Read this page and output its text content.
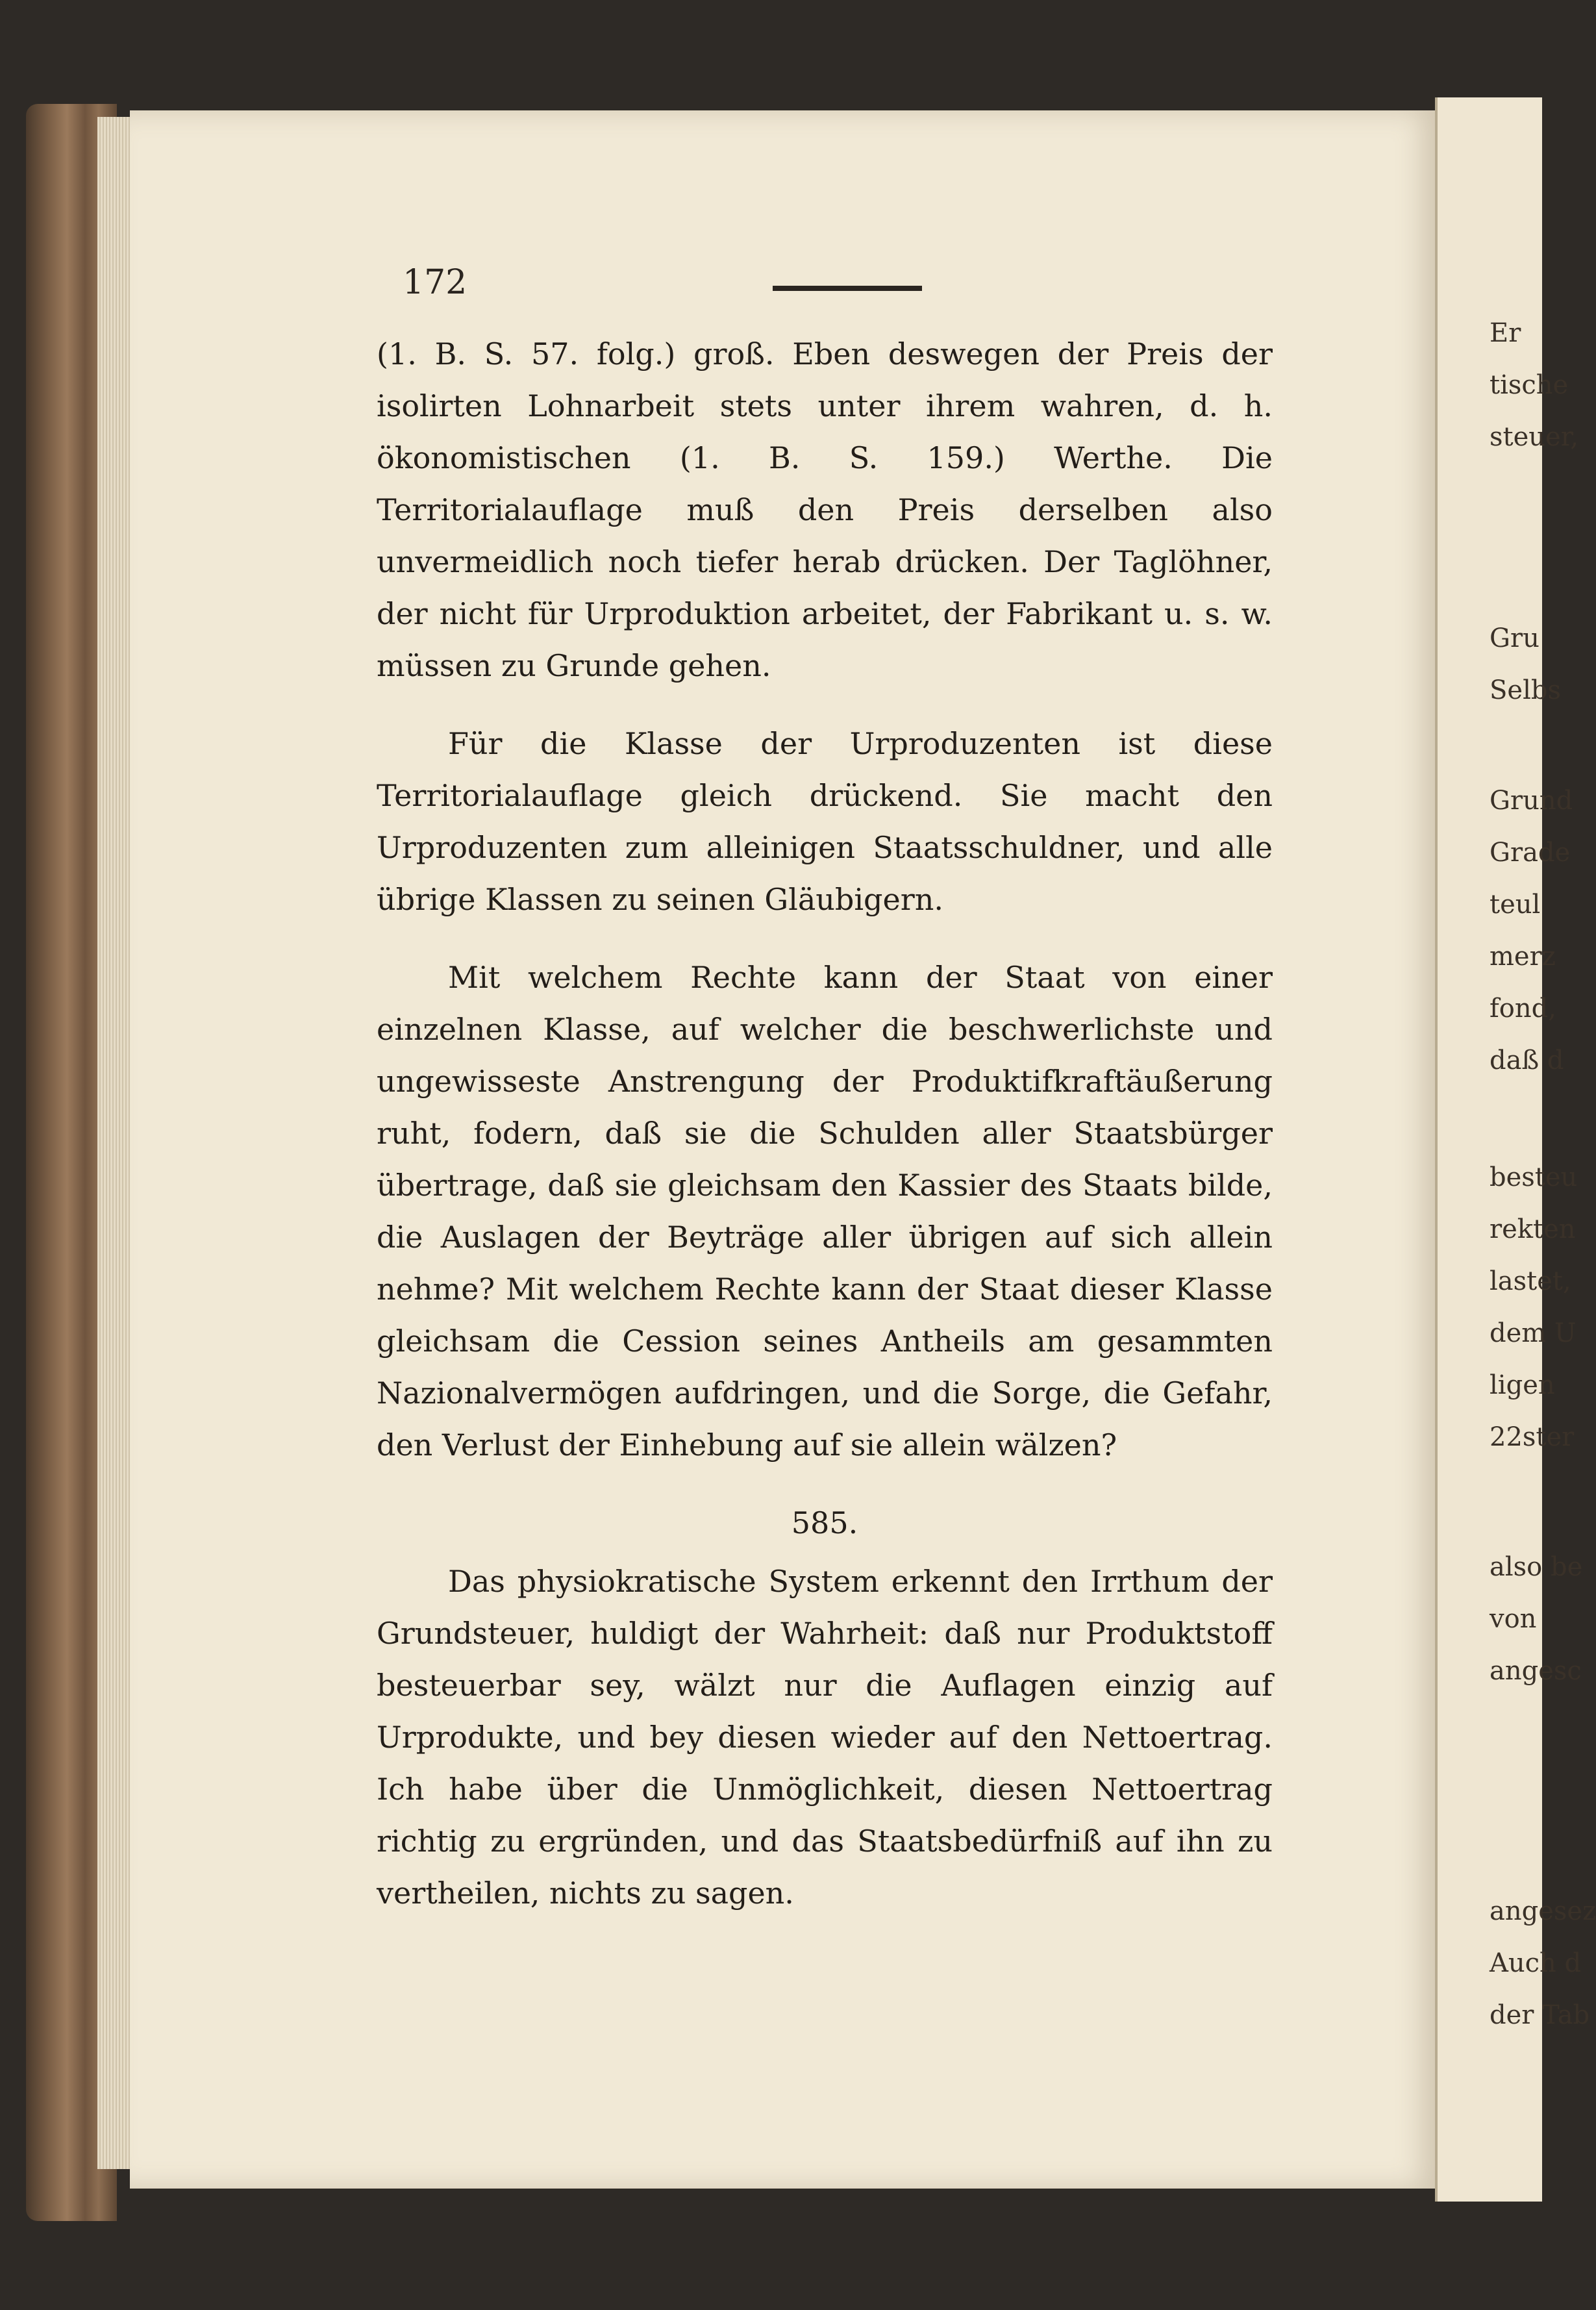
Er
tische
steuer,
Gru
Selbs
Grund
Grade
teul
merz
fond,
daß d
besteu
rekten
lastet,
dem U
ligen
22ster
also be
von
angesc
angesez
Auch d
der Tab
172

(1. B. S. 57. folg.) groß. Eben deswegen der Preis der isolirten Lohnarbeit stets unter ihrem wahren, d. h. ökonomistischen (1. B. S. 159.) Werthe. Die Territorialauflage muß den Preis derselben also unvermeidlich noch tiefer herab drücken. Der Taglöhner, der nicht für Urproduktion arbeitet, der Fabrikant u. s. w. müssen zu Grunde gehen.

Für die Klasse der Urproduzenten ist diese Territorialauflage gleich drückend. Sie macht den Urproduzenten zum alleinigen Staatsschuldner, und alle übrige Klassen zu seinen Gläubigern.

Mit welchem Rechte kann der Staat von einer einzelnen Klasse, auf welcher die beschwerlichste und ungewisseste Anstrengung der Produktifkraftäußerung ruht, fodern, daß sie die Schulden aller Staatsbürger übertrage, daß sie gleichsam den Kassier des Staats bilde, die Auslagen der Beyträge aller übrigen auf sich allein nehme? Mit welchem Rechte kann der Staat dieser Klasse gleichsam die Cession seines Antheils am gesammten Nazionalvermögen aufdringen, und die Sorge, die Gefahr, den Verlust der Einhebung auf sie allein wälzen?

585.

Das physiokratische System erkennt den Irrthum der Grundsteuer, huldigt der Wahrheit: daß nur Produktstoff besteuerbar sey, wälzt nur die Auflagen einzig auf Urprodukte, und bey diesen wieder auf den Nettoertrag. Ich habe über die Unmöglichkeit, diesen Nettoertrag richtig zu ergründen, und das Staatsbedürfniß auf ihn zu vertheilen, nichts zu sagen.
